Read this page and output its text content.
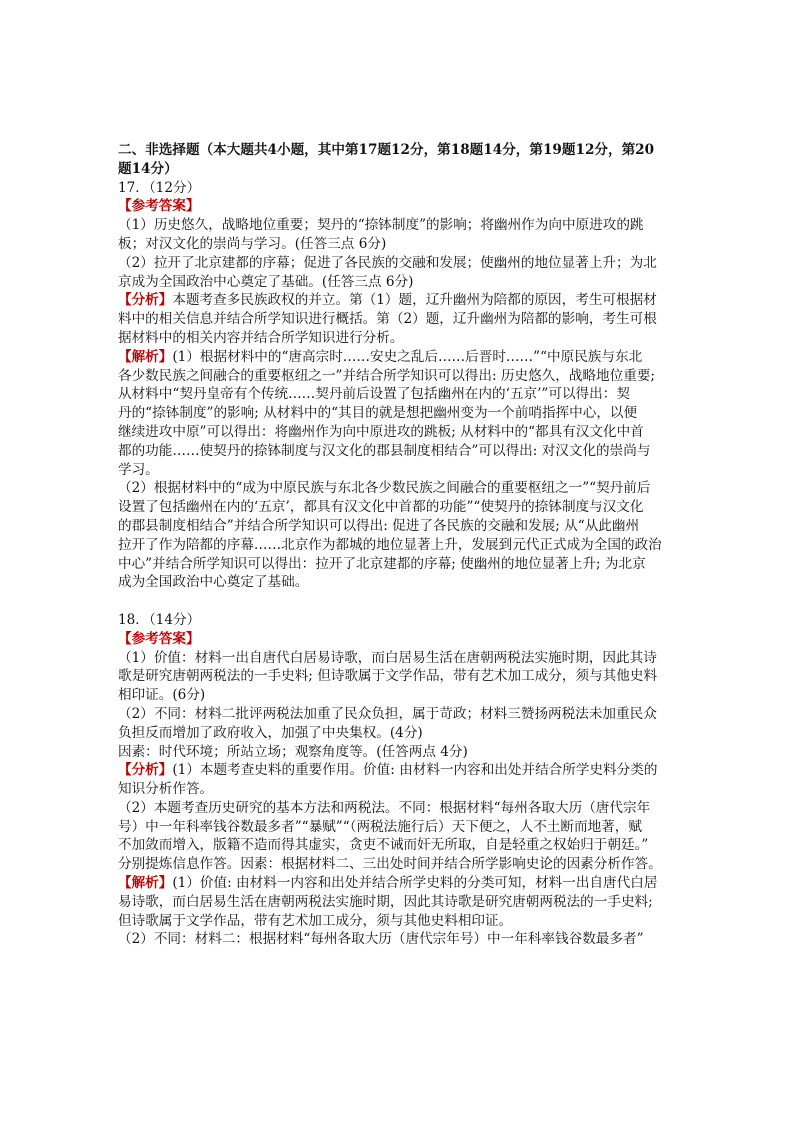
二、非选择题（本大题共4小题，其中第17题12分，第18题14分，第19题12分，第20
题14分）
17．（12分）
【参考答案】
（1）历史悠久，战略地位重要；契丹的“捺钵制度”的影响；将幽州作为向中原进攻的跳
板；对汉文化的崇尚与学习。(任答三点 6分)
（2）拉开了北京建都的序幕；促进了各民族的交融和发展；使幽州的地位显著上升；为北
京成为全国政治中心奠定了基础。(任答三点 6分)
【分析】本题考查多民族政权的并立。第（1）题，辽升幽州为陪都的原因，考生可根据材
料中的相关信息并结合所学知识进行概括。第（2）题，辽升幽州为陪都的影响，考生可根
据材料中的相关内容并结合所学知识进行分析。
【解析】(1）根据材料中的“唐高宗时……安史之乱后……后晋时……”“中原民族与东北
各少数民族之间融合的重要枢纽之一”并结合所学知识可以得出: 历史悠久，战略地位重要;
从材料中“契丹皇帝有个传统……契丹前后设置了包括幽州在内的‘五京’”可以得出：契
丹的“捺钵制度”的影响; 从材料中的“其目的就是想把幽州变为一个前哨指挥中心，以便
继续进攻中原”可以得出：将幽州作为向中原进攻的跳板; 从材料中的“都具有汉文化中首
都的功能……使契丹的捺钵制度与汉文化的郡县制度相结合”可以得出: 对汉文化的崇尚与
学习。
（2）根据材料中的“成为中原民族与东北各少数民族之间融合的重要枢纽之一”“契丹前后
设置了包括幽州在内的‘五京’，都具有汉文化中首都的功能”“使契丹的捺钵制度与汉文化
的郡县制度相结合”并结合所学知识可以得出: 促进了各民族的交融和发展; 从“从此幽州
拉开了作为陪都的序幕……北京作为都城的地位显著上升，发展到元代正式成为全国的政治
中心”并结合所学知识可以得出：拉开了北京建都的序幕; 使幽州的地位显著上升; 为北京
成为全国政治中心奠定了基础。
18．（14分）
【参考答案】
（1）价值：材料一出自唐代白居易诗歌，而白居易生活在唐朝两税法实施时期，因此其诗
歌是研究唐朝两税法的一手史料; 但诗歌属于文学作品，带有艺术加工成分，须与其他史料
相印证。(6分)
（2）不同：材料二批评两税法加重了民众负担，属于苛政；材料三赞扬两税法未加重民众
负担反而增加了政府收入，加强了中央集权。(4分)
因素：时代环境；所站立场；观察角度等。(任答两点 4分)
【分析】(1）本题考查史料的重要作用。价值: 由材料一内容和出处并结合所学史料分类的
知识分析作答。
（2）本题考查历史研究的基本方法和两税法。不同：根据材料“每州各取大历（唐代宗年
号）中一年科率钱谷数最多者”“暴赋”“（两税法施行后）天下便之，人不土断而地著，赋
不加敛而增入，版籍不造而得其虚实，贪吏不诫而奸无所取，自是轻重之权始归于朝廷。”
分别提炼信息作答。因素：根据材料二、三出处时间并结合所学影响史论的因素分析作答。
【解析】(1）价值: 由材料一内容和出处并结合所学史料的分类可知，材料一出自唐代白居
易诗歌，而白居易生活在唐朝两税法实施时期，因此其诗歌是研究唐朝两税法的一手史料;
但诗歌属于文学作品，带有艺术加工成分，须与其他史料相印证。
（2）不同：材料二：根据材料“每州各取大历（唐代宗年号）中一年科率钱谷数最多者”
